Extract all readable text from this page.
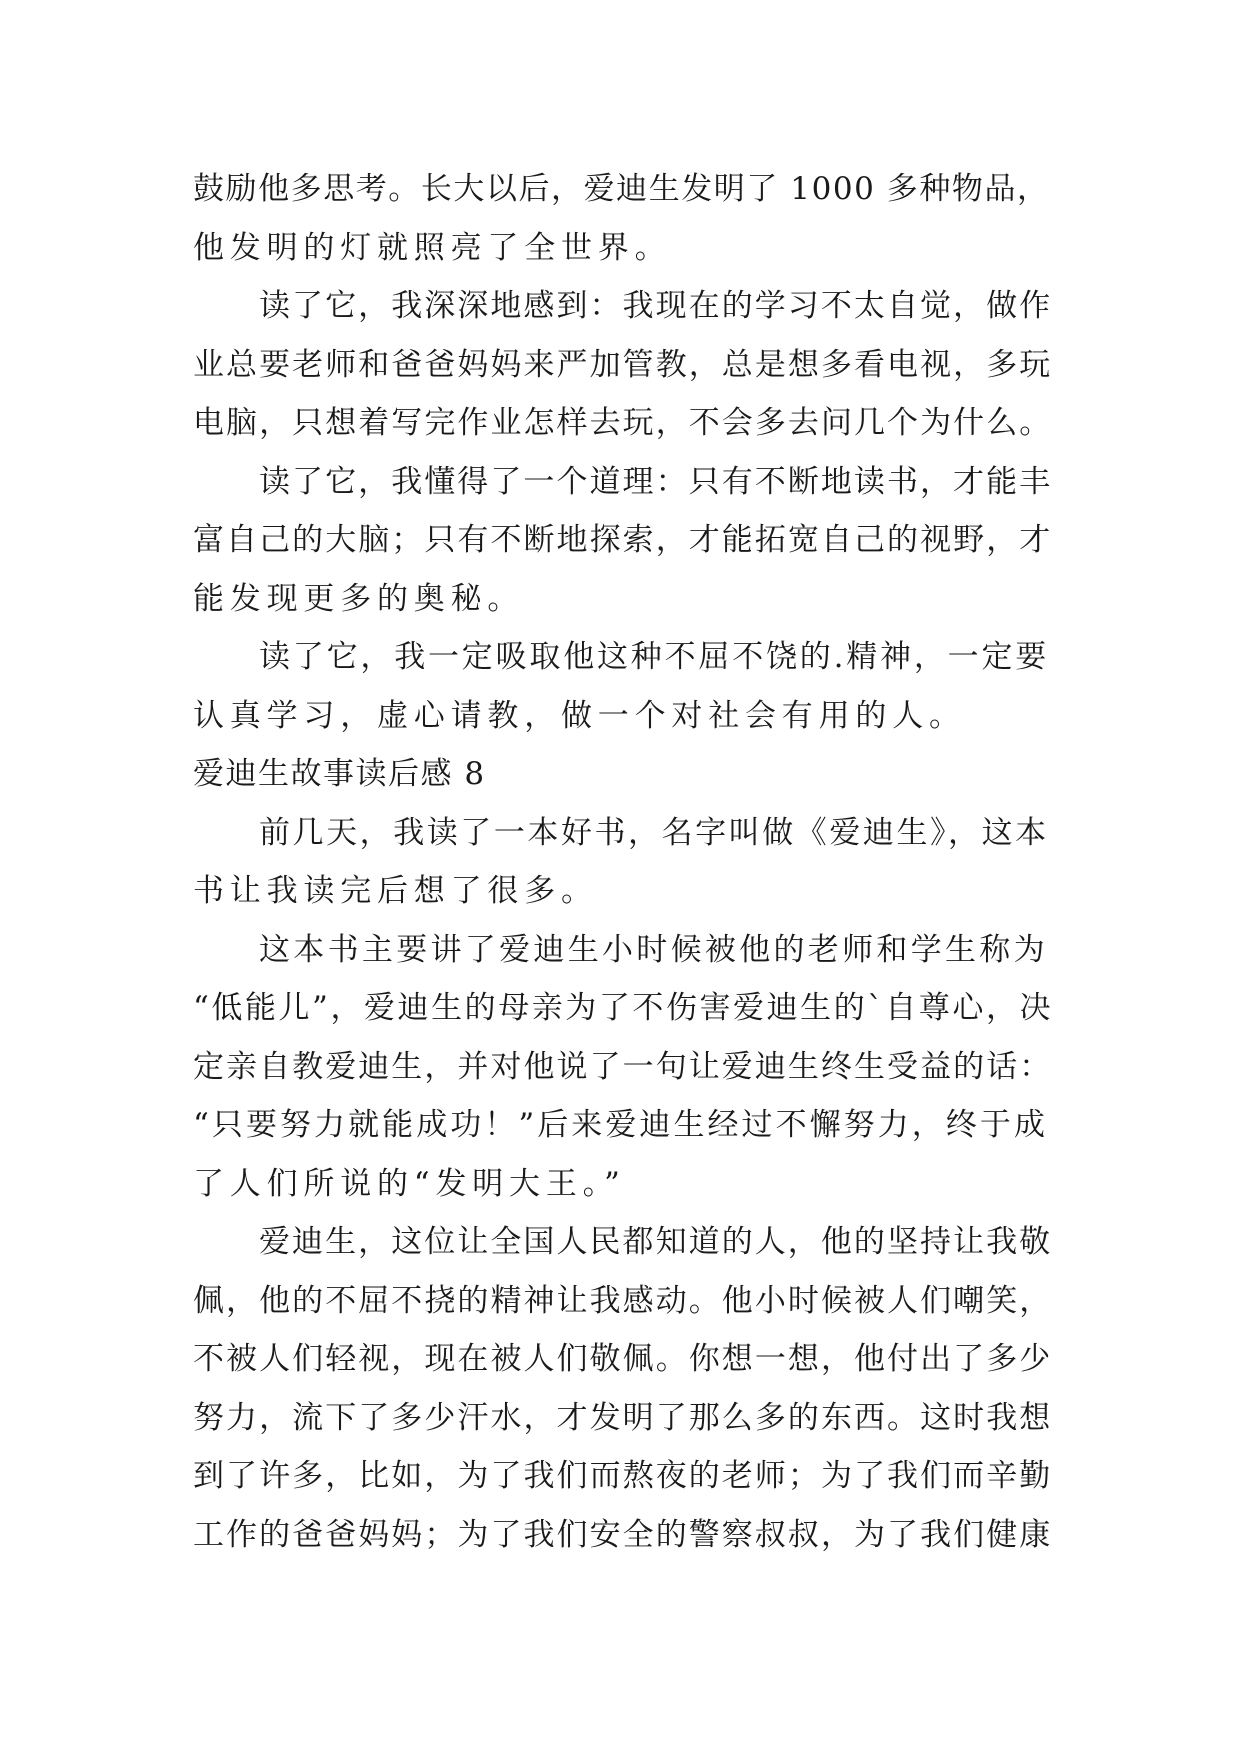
鼓励他多思考。长大以后，爱迪生发明了 1000 多种物品，
他发明的灯就照亮了全世界。
读了它，我深深地感到：我现在的学习不太自觉，做作
业总要老师和爸爸妈妈来严加管教，总是想多看电视，多玩
电脑，只想着写完作业怎样去玩，不会多去问几个为什么。
读了它，我懂得了一个道理：只有不断地读书，才能丰
富自己的大脑；只有不断地探索，才能拓宽自己的视野，才
能发现更多的奥秘。
读了它，我一定吸取他这种不屈不饶的.精神，一定要
认真学习，虚心请教，做一个对社会有用的人。
爱迪生故事读后感 8
前几天，我读了一本好书，名字叫做《爱迪生》，这本
书让我读完后想了很多。
这本书主要讲了爱迪生小时候被他的老师和学生称为
“低能儿”，爱迪生的母亲为了不伤害爱迪生的`自尊心，决
定亲自教爱迪生，并对他说了一句让爱迪生终生受益的话：
“只要努力就能成功！”后来爱迪生经过不懈努力，终于成
了人们所说的“发明大王。”
爱迪生，这位让全国人民都知道的人，他的坚持让我敬
佩，他的不屈不挠的精神让我感动。他小时候被人们嘲笑，
不被人们轻视，现在被人们敬佩。你想一想，他付出了多少
努力，流下了多少汗水，才发明了那么多的东西。这时我想
到了许多，比如，为了我们而熬夜的老师；为了我们而辛勤
工作的爸爸妈妈；为了我们安全的警察叔叔，为了我们健康
